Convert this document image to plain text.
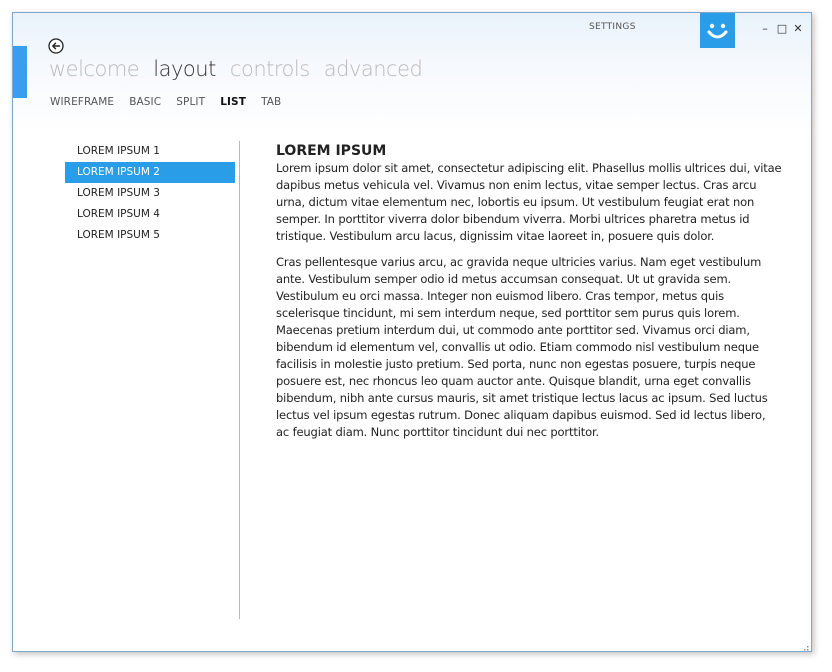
SETTINGS	– □ ✕
welcome layout controls advanced
WIREFRAME BASIC SPLIT LIST TAB
LOREM IPSUM 1
LOREM IPSUM 2
LOREM IPSUM 3
LOREM IPSUM 4
LOREM IPSUM 5
LOREM IPSUM

Lorem ipsum dolor sit amet, consectetur adipiscing elit. Phasellus mollis ultrices dui, vitae dapibus metus vehicula vel. Vivamus non enim lectus, vitae semper lectus. Cras arcu urna, dictum vitae elementum nec, lobortis eu ipsum. Ut vestibulum feugiat erat non semper. In porttitor viverra dolor bibendum viverra. Morbi ultrices pharetra metus id tristique. Vestibulum arcu lacus, dignissim vitae laoreet in, posuere quis dolor.

Cras pellentesque varius arcu, ac gravida neque ultricies varius. Nam eget vestibulum ante. Vestibulum semper odio id metus accumsan consequat. Ut ut gravida sem. Vestibulum eu orci massa. Integer non euismod libero. Cras tempor, metus quis scelerisque tincidunt, mi sem interdum neque, sed porttitor sem purus quis lorem. Maecenas pretium interdum dui, ut commodo ante porttitor sed. Vivamus orci diam, bibendum id elementum vel, convallis ut odio. Etiam commodo nisl vestibulum neque facilisis in molestie justo pretium. Sed porta, nunc non egestas posuere, turpis neque posuere est, nec rhoncus leo quam auctor ante. Quisque blandit, urna eget convallis bibendum, nibh ante cursus mauris, sit amet tristique lectus lacus ac ipsum. Sed luctus lectus vel ipsum egestas rutrum. Donec aliquam dapibus euismod. Sed id lectus libero, ac feugiat diam. Nunc porttitor tincidunt dui nec porttitor.
